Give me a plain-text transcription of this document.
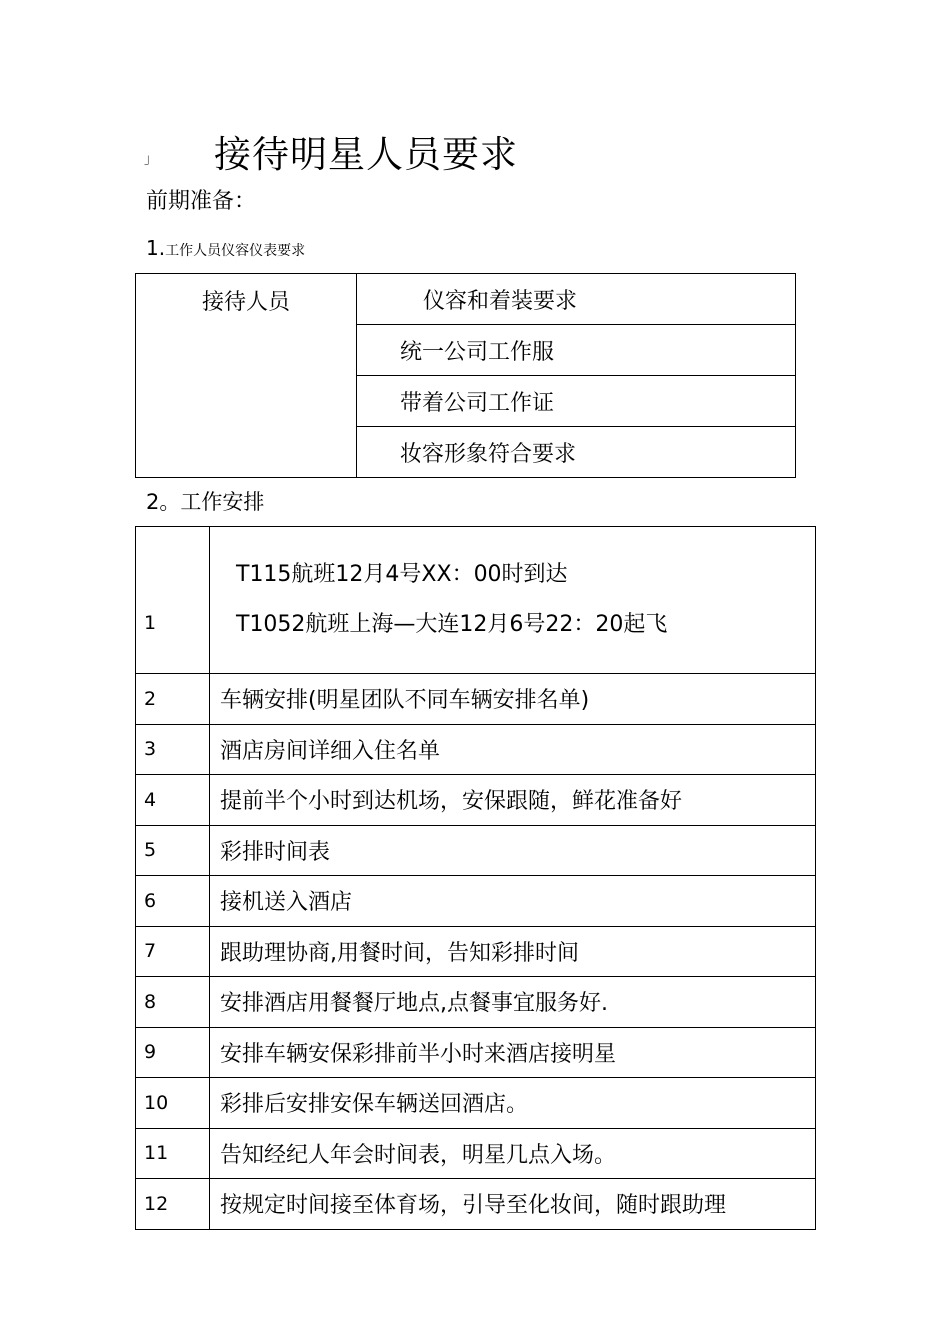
」 接待明星人员要求
前期准备：
1.工作人员仪容仪表要求
接待人员	仪容和着装要求
统一公司工作服
带着公司工作证
妆容形象符合要求
2。工作安排
1	T115航班12月4号XX：00时到达
T1052航班上海—大连12月6号22：20起飞

2	车辆安排(明星团队不同车辆安排名单)
3	酒店房间详细入住名单
4	提前半个小时到达机场，安保跟随，鲜花准备好
5	彩排时间表
6	接机送入酒店
7	跟助理协商,用餐时间，告知彩排时间
8	安排酒店用餐餐厅地点,点餐事宜服务好.
9	安排车辆安保彩排前半小时来酒店接明星
10	彩排后安排安保车辆送回酒店。
11	告知经纪人年会时间表，明星几点入场。
12	按规定时间接至体育场，引导至化妆间，随时跟助理
